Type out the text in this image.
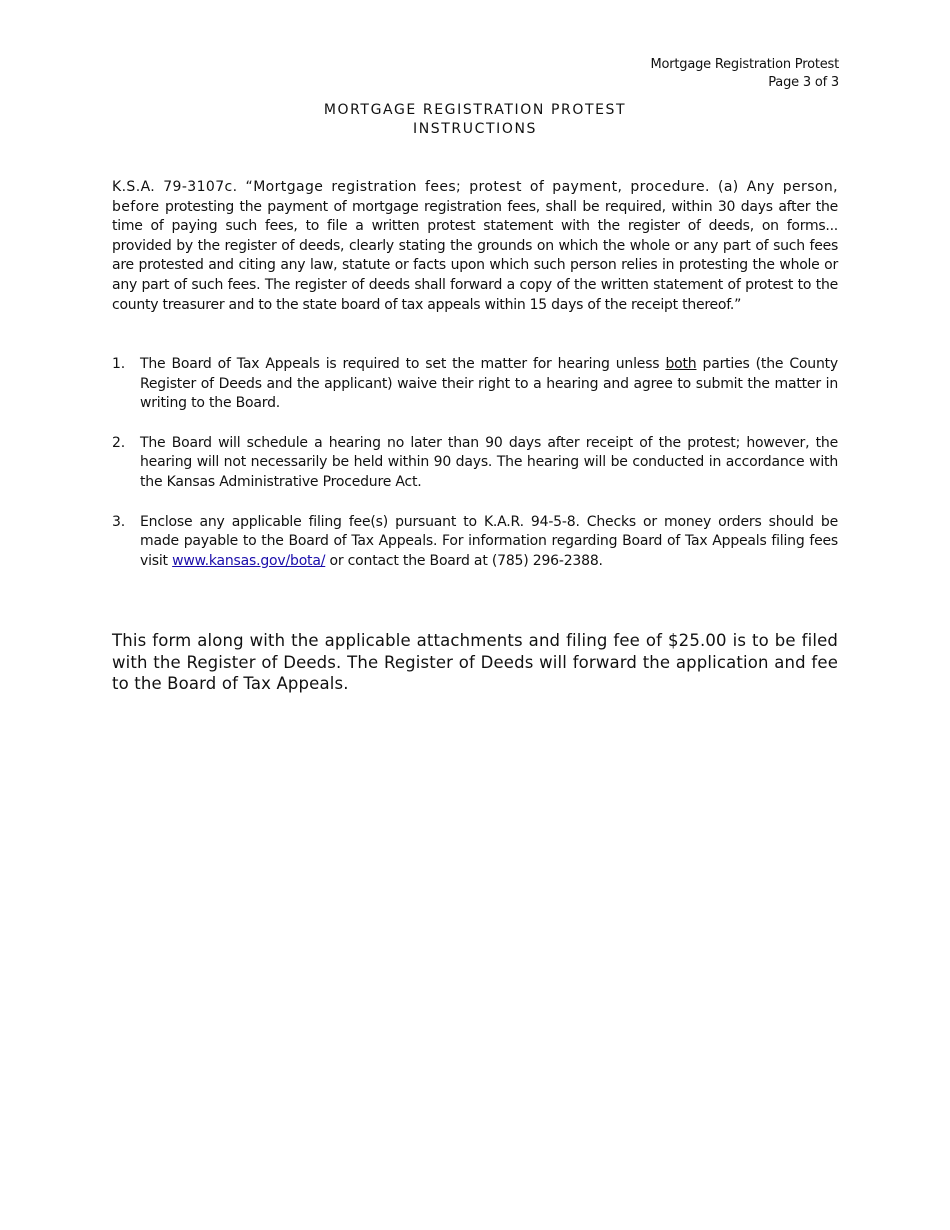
Mortgage Registration Protest
Page 3 of 3
MORTGAGE REGISTRATION PROTEST
INSTRUCTIONS
K.S.A. 79-3107c. “Mortgage registration fees; protest of payment, procedure. (a) Any person, before protesting the payment of mortgage registration fees, shall be required, within 30 days after the time of paying such fees, to file a written protest statement with the register of deeds, on forms... provided by the register of deeds, clearly stating the grounds on which the whole or any part of such fees are protested and citing any law, statute or facts upon which such person relies in protesting the whole or any part of such fees. The register of deeds shall forward a copy of the written statement of protest to the county treasurer and to the state board of tax appeals within 15 days of the receipt thereof.”
1. The Board of Tax Appeals is required to set the matter for hearing unless both parties (the County Register of Deeds and the applicant) waive their right to a hearing and agree to submit the matter in writing to the Board.
2. The Board will schedule a hearing no later than 90 days after receipt of the protest; however, the hearing will not necessarily be held within 90 days. The hearing will be conducted in accordance with the Kansas Administrative Procedure Act.
3. Enclose any applicable filing fee(s) pursuant to K.A.R. 94-5-8. Checks or money orders should be made payable to the Board of Tax Appeals. For information regarding Board of Tax Appeals filing fees visit www.kansas.gov/bota/ or contact the Board at (785) 296-2388.
This form along with the applicable attachments and filing fee of $25.00 is to be filed with the Register of Deeds. The Register of Deeds will forward the application and fee to the Board of Tax Appeals.
